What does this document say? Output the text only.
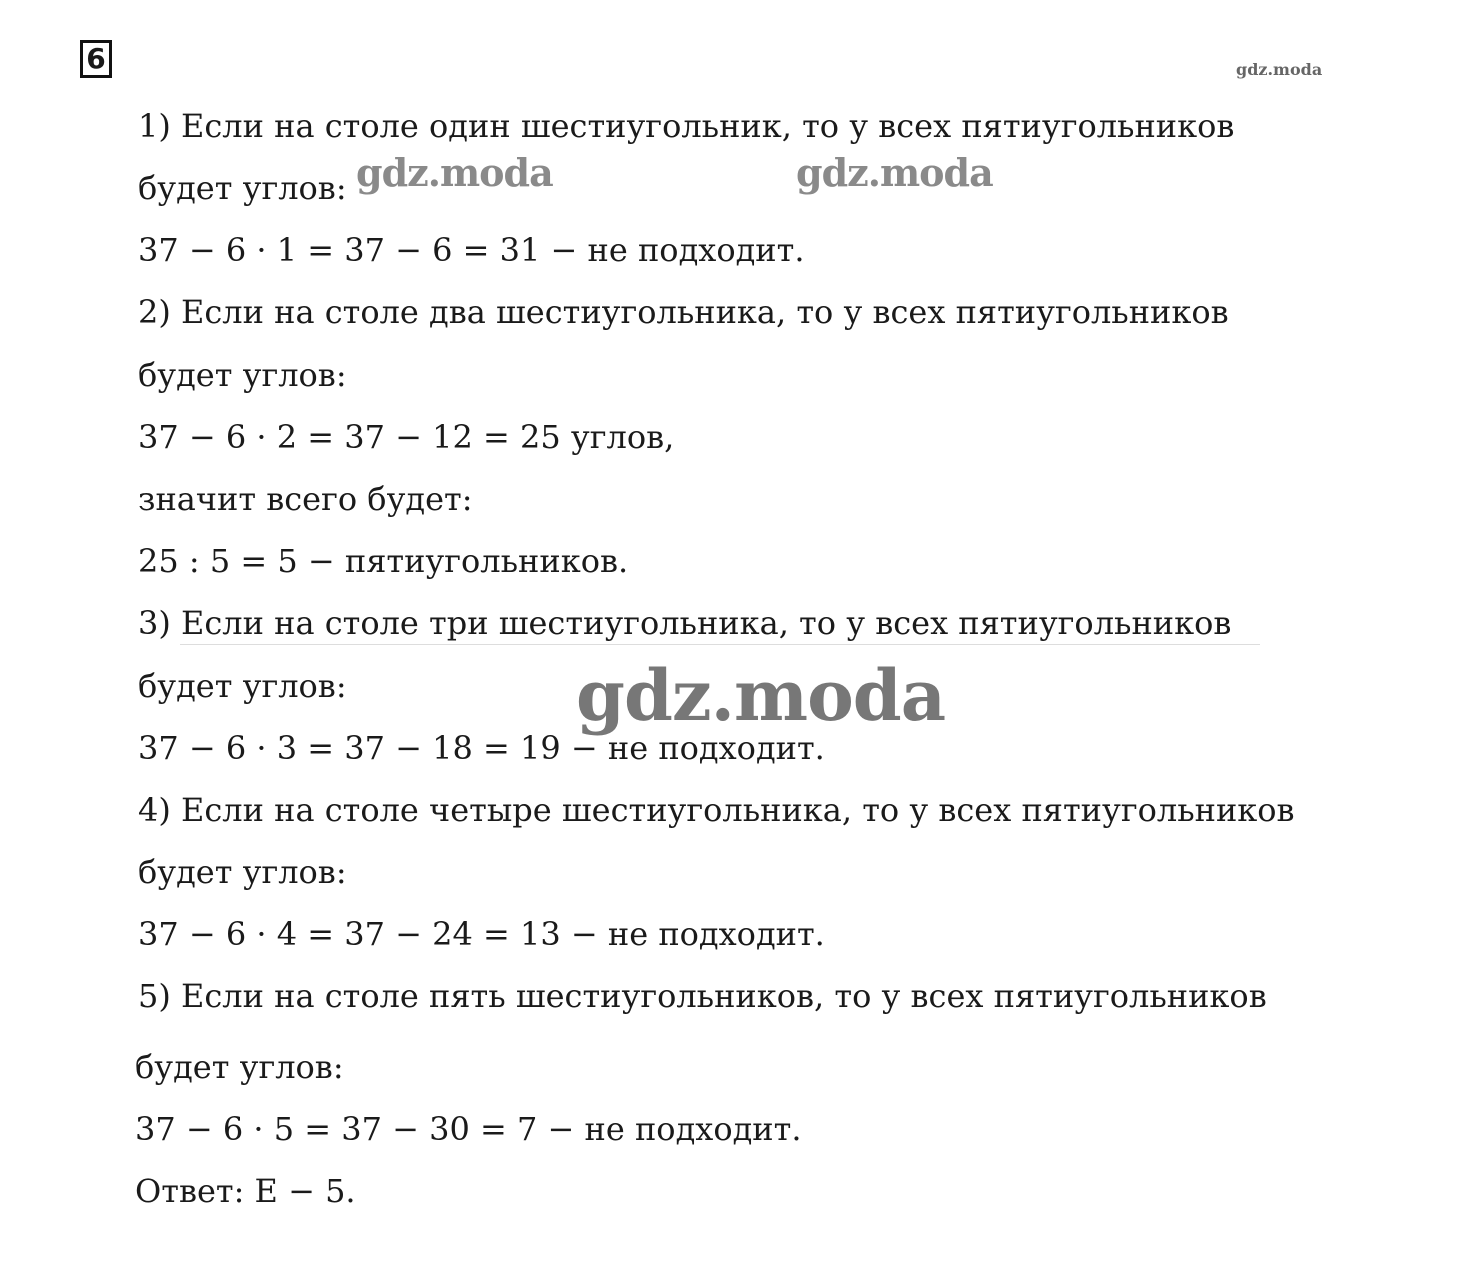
6	gdz.moda
1) Если на столе один шестиугольник, то у всех пятиугольников
будет углов:
37 − 6 · 1 = 37 − 6 = 31 − не подходит.
2) Если на столе два шестиугольника, то у всех пятиугольников
будет углов:
37 − 6 · 2 = 37 − 12 = 25 углов,
значит всего будет:
25 : 5 = 5 − пятиугольников.
3) Если на столе три шестиугольника, то у всех пятиугольников
будет углов:
37 − 6 · 3 = 37 − 18 = 19 − не подходит.
4) Если на столе четыре шестиугольника, то у всех пятиугольников
будет углов:
37 − 6 · 4 = 37 − 24 = 13 − не подходит.
5) Если на столе пять шестиугольников, то у всех пятиугольников
будет углов:
37 − 6 · 5 = 37 − 30 = 7 − не подходит.
Ответ: Е − 5.
gdz.moda	gdz.moda
gdz.moda
